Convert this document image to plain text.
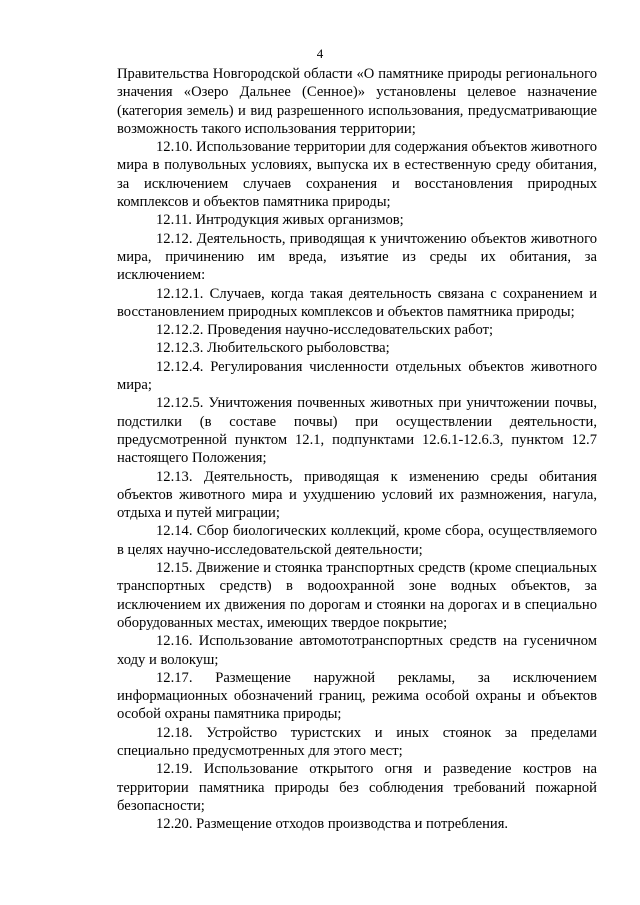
4

Правительства Новгородской области «О памятнике природы регионального значения «Озеро Дальнее (Сенное)» установлены целевое назначение (категория земель) и вид разрешенного использования, предусматривающие возможность такого использования территории;

12.10. Использование территории для содержания объектов животного мира в полувольных условиях, выпуска их в естественную среду обитания, за исключением случаев сохранения и восстановления природных комплексов и объектов памятника природы;

12.11. Интродукция живых организмов;

12.12. Деятельность, приводящая к уничтожению объектов животного мира, причинению им вреда, изъятие из среды их обитания, за исключением:

12.12.1. Случаев, когда такая деятельность связана с сохранением и восстановлением природных комплексов и объектов памятника природы;

12.12.2. Проведения научно-исследовательских работ;

12.12.3. Любительского рыболовства;

12.12.4. Регулирования численности отдельных объектов животного мира;

12.12.5. Уничтожения почвенных животных при уничтожении почвы, подстилки (в составе почвы) при осуществлении деятельности, предусмотренной пунктом 12.1, подпунктами 12.6.1-12.6.3, пунктом 12.7 настоящего Положения;

12.13. Деятельность, приводящая к изменению среды обитания объектов животного мира и ухудшению условий их размножения, нагула, отдыха и путей миграции;

12.14. Сбор биологических коллекций, кроме сбора, осуществляемого в целях научно-исследовательской деятельности;

12.15. Движение и стоянка транспортных средств (кроме специальных транспортных средств) в водоохранной зоне водных объектов, за исключением их движения по дорогам и стоянки на дорогах и в специально оборудованных местах, имеющих твердое покрытие;

12.16. Использование автомототранспортных средств на гусеничном ходу и волокуш;

12.17. Размещение наружной рекламы, за исключением информационных обозначений границ, режима особой охраны и объектов особой охраны памятника природы;

12.18. Устройство туристских и иных стоянок за пределами специально предусмотренных для этого мест;

12.19. Использование открытого огня и разведение костров на территории памятника природы без соблюдения требований пожарной безопасности;

12.20. Размещение отходов производства и потребления.
